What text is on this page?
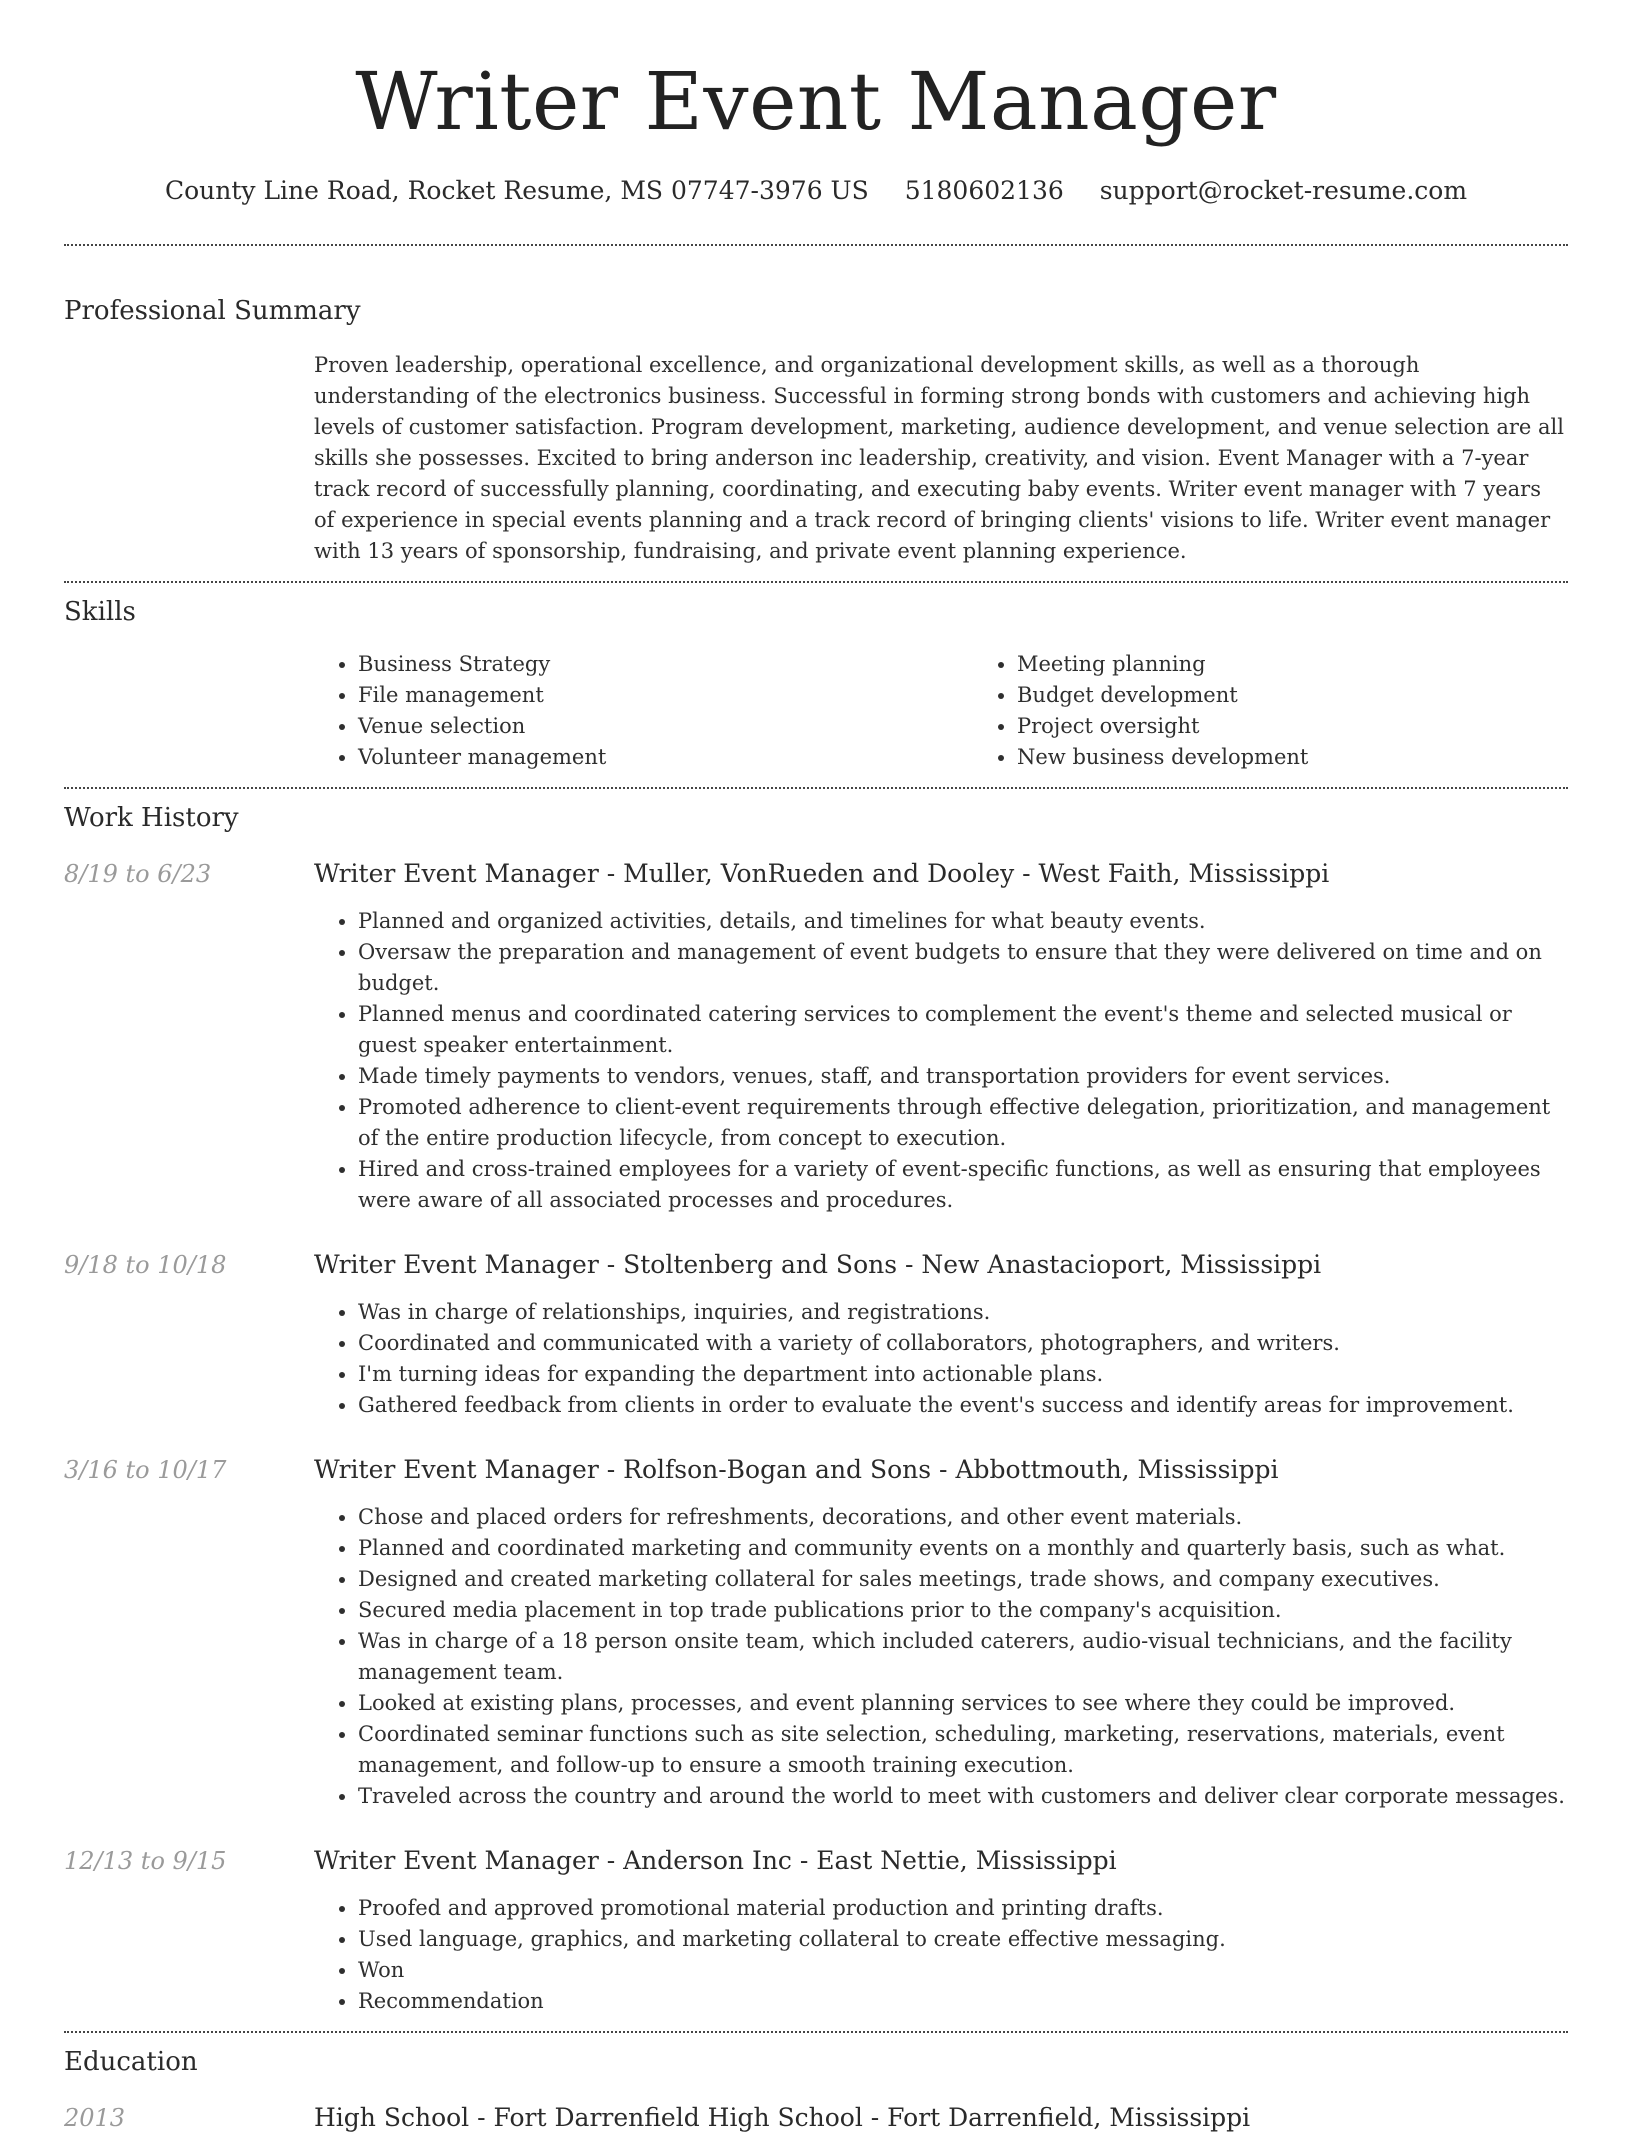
Writer Event Manager
County Line Road, Rocket Resume, MS 07747-3976 US 5180602136 support@rocket-resume.com
Professional Summary

Proven leadership, operational excellence, and organizational development skills, as well as a thorough understanding of the electronics business. Successful in forming strong bonds with customers and achieving high levels of customer satisfaction. Program development, marketing, audience development, and venue selection are all skills she possesses. Excited to bring anderson inc leadership, creativity, and vision. Event Manager with a 7-year track record of successfully planning, coordinating, and executing baby events. Writer event manager with 7 years of experience in special events planning and a track record of bringing clients' visions to life. Writer event manager with 13 years of sponsorship, fundraising, and private event planning experience.

Skills
• Business Strategy
• File management
• Venue selection
• Volunteer management
• Meeting planning
• Budget development
• Project oversight
• New business development
Work History
8/19 to 6/23	Writer Event Manager - Muller, VonRueden and Dooley - West Faith, Mississippi
• Planned and organized activities, details, and timelines for what beauty events.
• Oversaw the preparation and management of event budgets to ensure that they were delivered on time and on budget.
• Planned menus and coordinated catering services to complement the event's theme and selected musical or guest speaker entertainment.
• Made timely payments to vendors, venues, staff, and transportation providers for event services.
• Promoted adherence to client-event requirements through effective delegation, prioritization, and management of the entire production lifecycle, from concept to execution.
• Hired and cross-trained employees for a variety of event-specific functions, as well as ensuring that employees were aware of all associated processes and procedures.
9/18 to 10/18	Writer Event Manager - Stoltenberg and Sons - New Anastacioport, Mississippi
• Was in charge of relationships, inquiries, and registrations.
• Coordinated and communicated with a variety of collaborators, photographers, and writers.
• I'm turning ideas for expanding the department into actionable plans.
• Gathered feedback from clients in order to evaluate the event's success and identify areas for improvement.
3/16 to 10/17	Writer Event Manager - Rolfson-Bogan and Sons - Abbottmouth, Mississippi
• Chose and placed orders for refreshments, decorations, and other event materials.
• Planned and coordinated marketing and community events on a monthly and quarterly basis, such as what.
• Designed and created marketing collateral for sales meetings, trade shows, and company executives.
• Secured media placement in top trade publications prior to the company's acquisition.
• Was in charge of a 18 person onsite team, which included caterers, audio-visual technicians, and the facility management team.
• Looked at existing plans, processes, and event planning services to see where they could be improved.
• Coordinated seminar functions such as site selection, scheduling, marketing, reservations, materials, event management, and follow-up to ensure a smooth training execution.
• Traveled across the country and around the world to meet with customers and deliver clear corporate messages.
12/13 to 9/15	Writer Event Manager - Anderson Inc - East Nettie, Mississippi
• Proofed and approved promotional material production and printing drafts.
• Used language, graphics, and marketing collateral to create effective messaging.
• Won
• Recommendation
Education
2013	High School - Fort Darrenfield High School - Fort Darrenfield, Mississippi
